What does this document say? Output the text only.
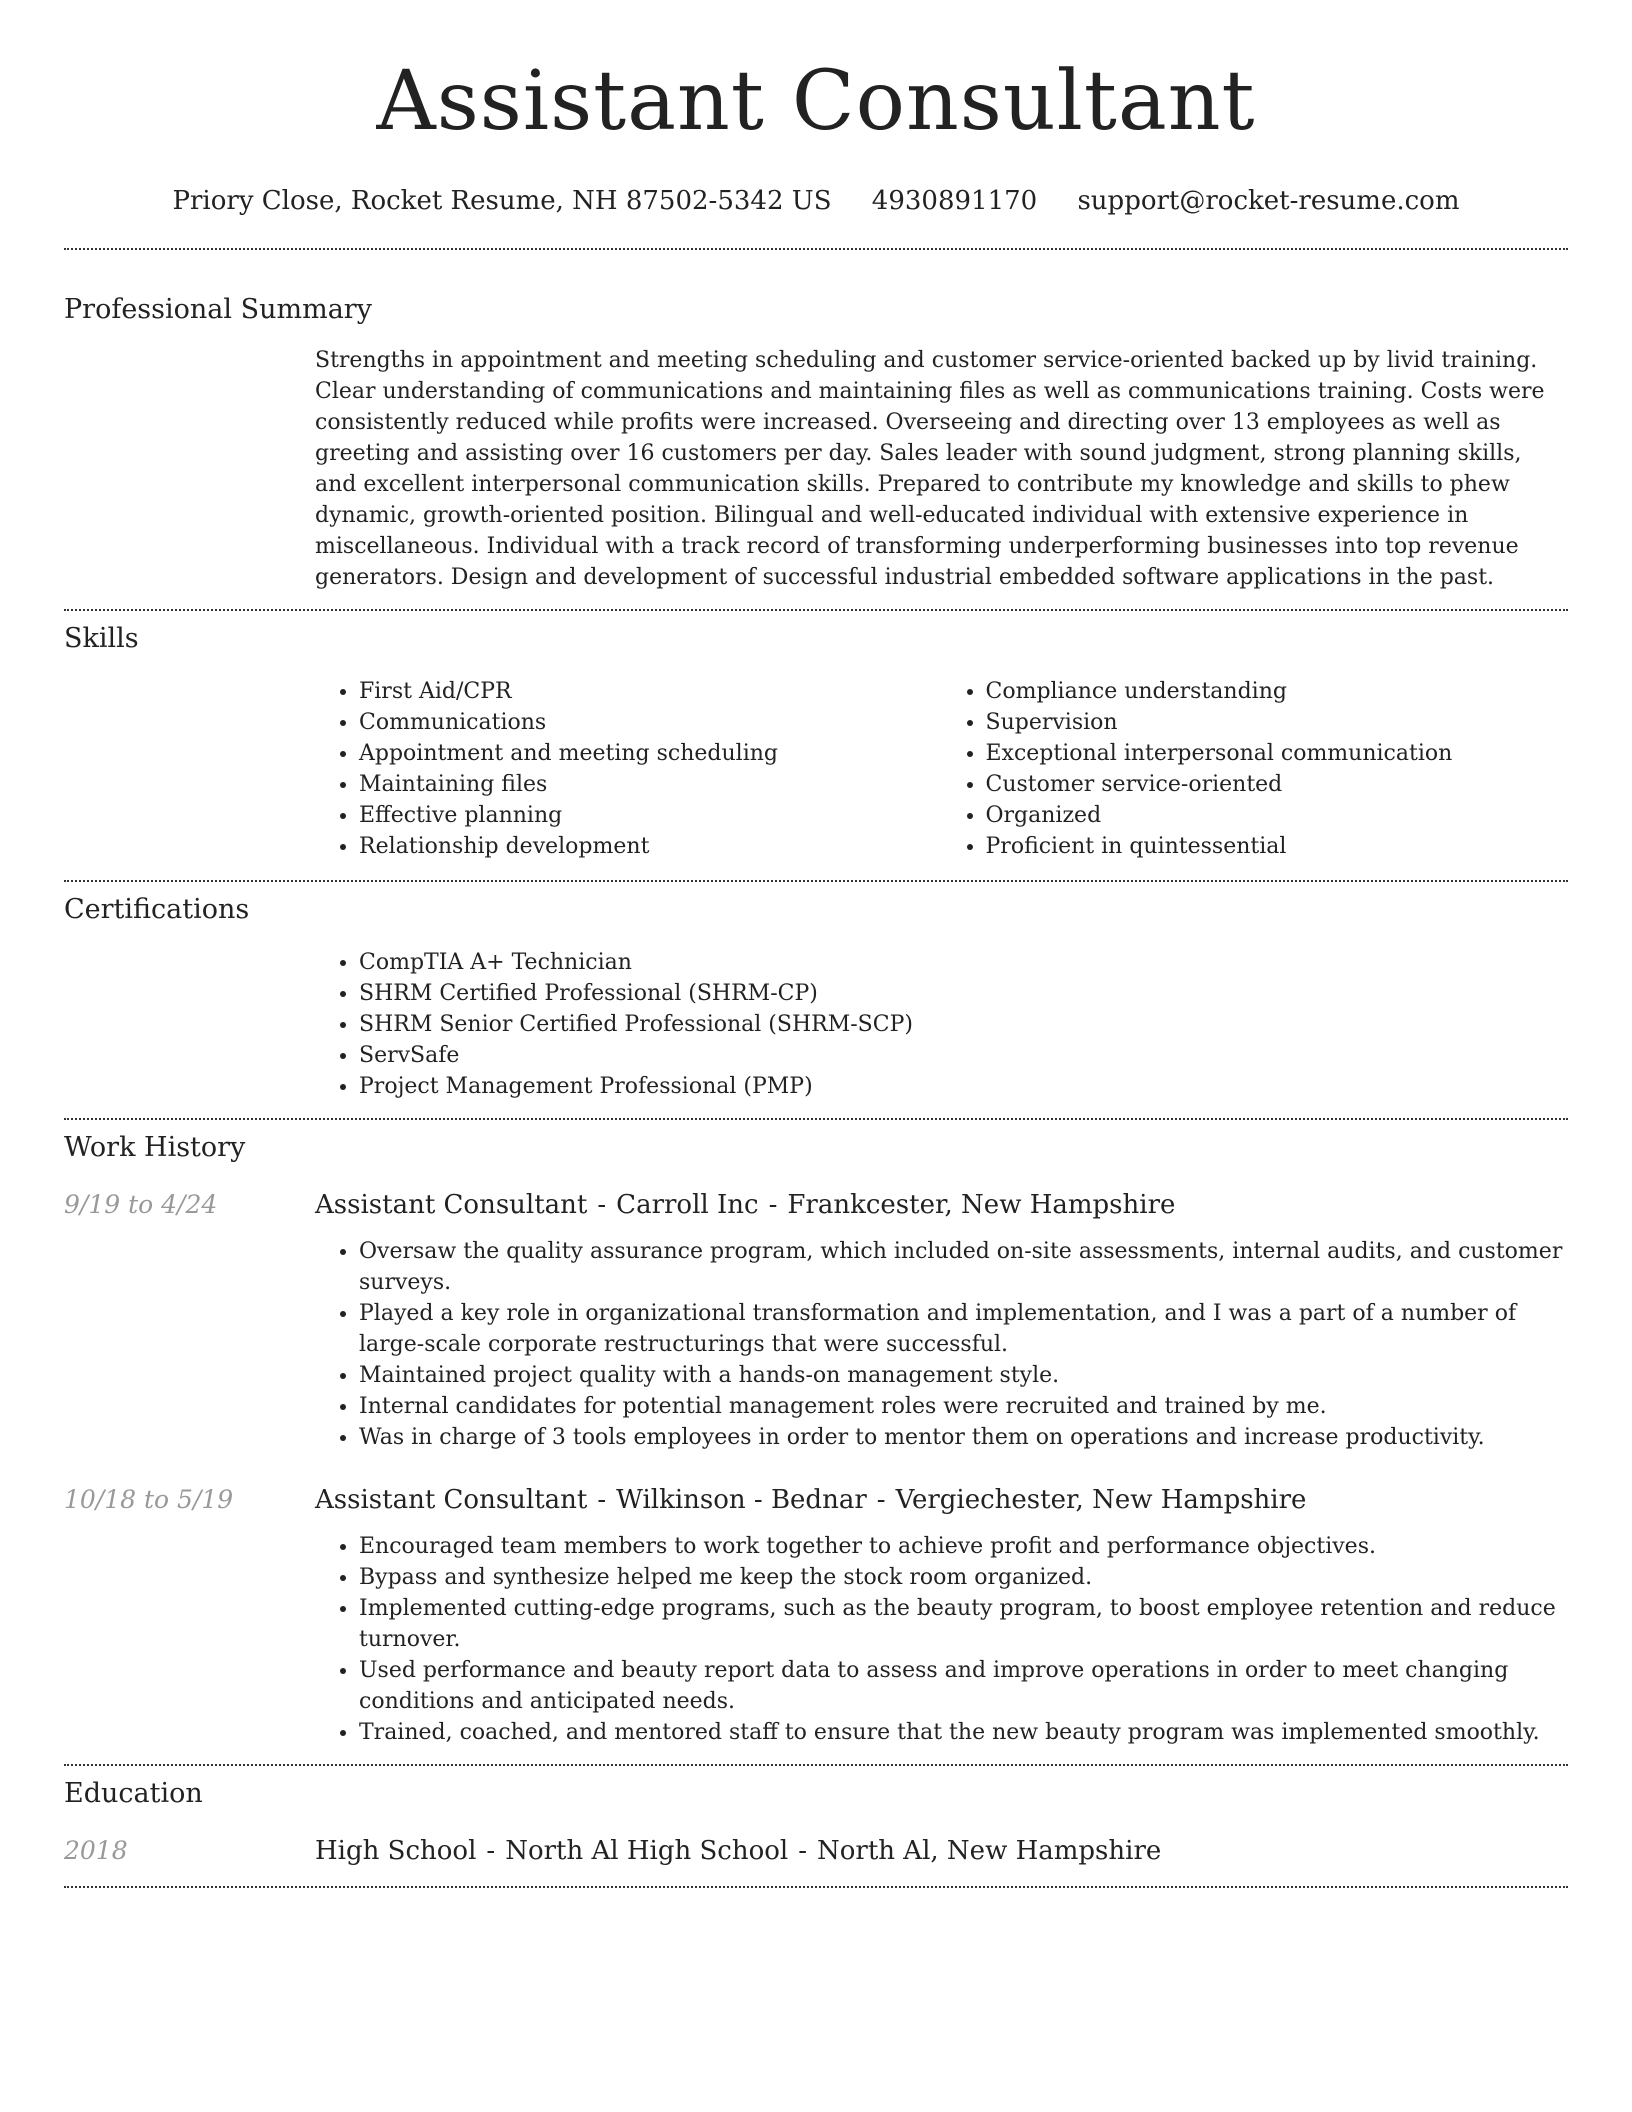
Assistant Consultant
Priory Close, Rocket Resume, NH 87502-5342 US 4930891170 support@rocket-resume.com
Professional Summary
Strengths in appointment and meeting scheduling and customer service-oriented backed up by livid training. Clear understanding of communications and maintaining files as well as communications training. Costs were consistently reduced while profits were increased. Overseeing and directing over 13 employees as well as greeting and assisting over 16 customers per day. Sales leader with sound judgment, strong planning skills, and excellent interpersonal communication skills. Prepared to contribute my knowledge and skills to phew dynamic, growth-oriented position. Bilingual and well-educated individual with extensive experience in miscellaneous. Individual with a track record of transforming underperforming businesses into top revenue generators. Design and development of successful industrial embedded software applications in the past.
Skills
• First Aid/CPR
• Communications
• Appointment and meeting scheduling
• Maintaining files
• Effective planning
• Relationship development
• Compliance understanding
• Supervision
• Exceptional interpersonal communication
• Customer service-oriented
• Organized
• Proficient in quintessential
Certifications
• CompTIA A+ Technician
• SHRM Certified Professional (SHRM-CP)
• SHRM Senior Certified Professional (SHRM-SCP)
• ServSafe
• Project Management Professional (PMP)
Work History
9/19 to 4/24	Assistant Consultant - Carroll Inc - Frankcester, New Hampshire
• Oversaw the quality assurance program, which included on-site assessments, internal audits, and customer surveys.
• Played a key role in organizational transformation and implementation, and I was a part of a number of large-scale corporate restructurings that were successful.
• Maintained project quality with a hands-on management style.
• Internal candidates for potential management roles were recruited and trained by me.
• Was in charge of 3 tools employees in order to mentor them on operations and increase productivity.
10/18 to 5/19	Assistant Consultant - Wilkinson - Bednar - Vergiechester, New Hampshire
• Encouraged team members to work together to achieve profit and performance objectives.
• Bypass and synthesize helped me keep the stock room organized.
• Implemented cutting-edge programs, such as the beauty program, to boost employee retention and reduce turnover.
• Used performance and beauty report data to assess and improve operations in order to meet changing conditions and anticipated needs.
• Trained, coached, and mentored staff to ensure that the new beauty program was implemented smoothly.
Education
2018	High School - North Al High School - North Al, New Hampshire
